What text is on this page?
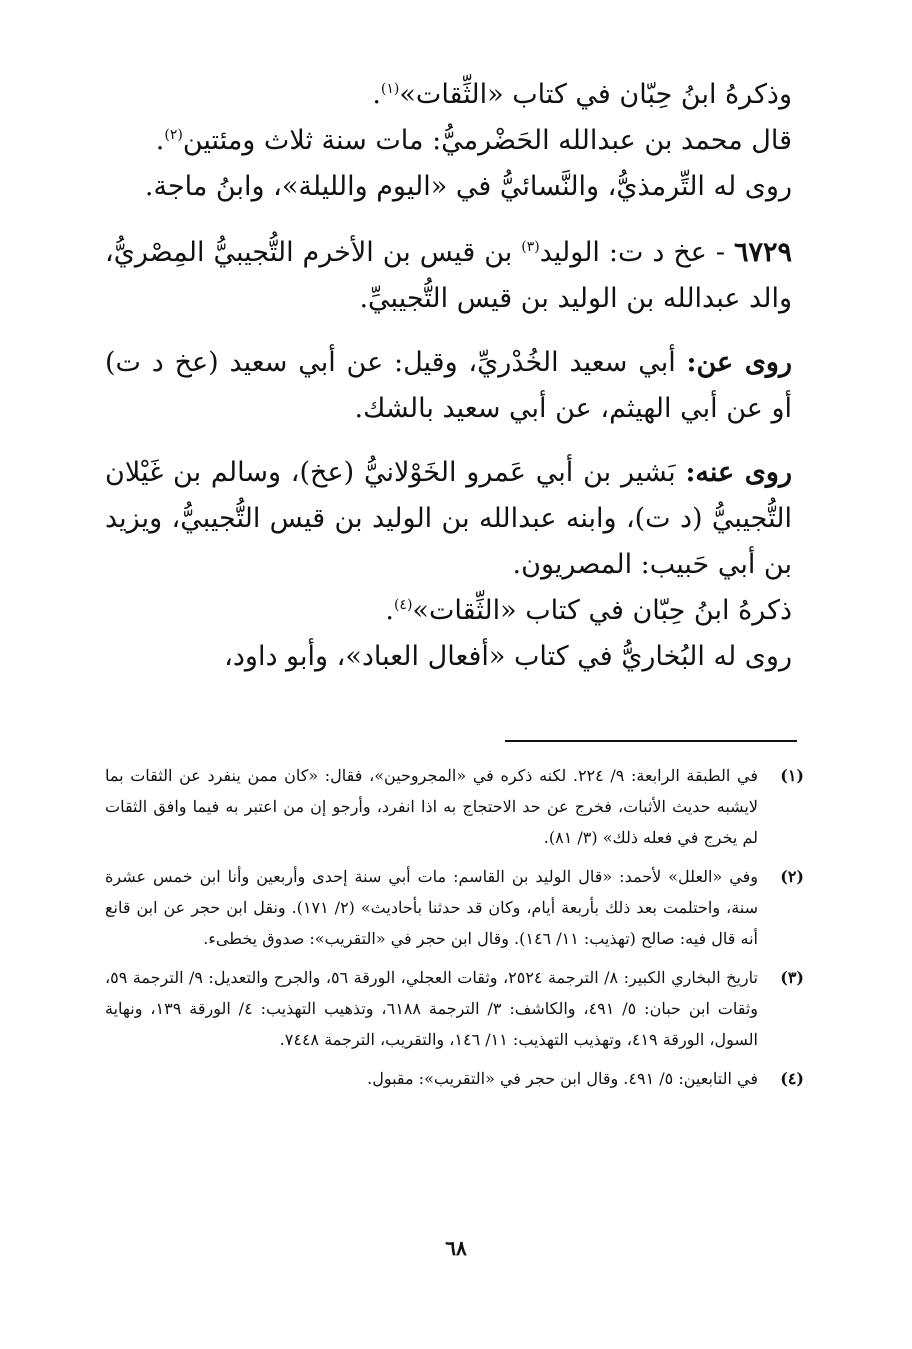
وذكرهُ ابنُ حِبّان في كتاب «الثِّقات»$^{(١)}$.

قال محمد بن عبدالله الحَضْرميُّ: مات سنة ثلاث ومئتين$^{(٢)}$.

روى له التِّرمذيُّ، والنَّسائيُّ في «اليوم والليلة»، وابنُ ماجة.

٦٧٢٩ - عخ د ت: الوليد$^{(٣)}$ بن قيس بن الأخرم التُّجيبيُّ المِصْريُّ، والد عبدالله بن الوليد بن قيس التُّجيبيِّ.

روى عن: أبي سعيد الخُدْريِّ، وقيل: عن أبي سعيد (عخ د ت) أو عن أبي الهيثم، عن أبي سعيد بالشك.

روى عنه: بَشير بن أبي عَمرو الخَوْلانيُّ (عخ)، وسالم بن غَيْلان التُّجيبيُّ (د ت)، وابنه عبدالله بن الوليد بن قيس التُّجيبيُّ، ويزيد بن أبي حَبيب: المصريون.

ذكرهُ ابنُ حِبّان في كتاب «الثِّقات»$^{(٤)}$.

روى له البُخاريُّ في كتاب «أفعال العباد»، وأبو داود،

(١)
في الطبقة الرابعة: ٩/ ٢٢٤. لكنه ذكره في «المجروحين»، فقال: «كان ممن ينفرد عن الثقات بما لايشبه حديث الأثبات، فخرج عن حد الاحتجاج به اذا انفرد، وأرجو إن من اعتبر به فيما وافق الثقات لم يخرج في فعله ذلك» (٣/ ٨١).
(٢)
وفي «العلل» لأحمد: «قال الوليد بن القاسم: مات أبي سنة إحدى وأربعين وأنا ابن خمس عشرة سنة، واحتلمت بعد ذلك بأربعة أيام، وكان قد حدثنا بأحاديث» (٢/ ١٧١). ونقل ابن حجر عن ابن قانع أنه قال فيه: صالح (تهذيب: ١١/ ١٤٦). وقال ابن حجر في «التقريب»: صدوق يخطىء.
(٣)
تاريخ البخاري الكبير: ٨/ الترجمة ٢٥٢٤، وثقات العجلي، الورقة ٥٦، والجرح والتعديل: ٩/ الترجمة ٥٩، وثقات ابن حبان: ٥/ ٤٩١، والكاشف: ٣/ الترجمة ٦١٨٨، وتذهيب التهذيب: ٤/ الورقة ١٣٩، ونهاية السول، الورقة ٤١٩، وتهذيب التهذيب: ١١/ ١٤٦، والتقريب، الترجمة ٧٤٤٨.
(٤)
في التابعين: ٥/ ٤٩١. وقال ابن حجر في «التقريب»: مقبول.
٦٨
